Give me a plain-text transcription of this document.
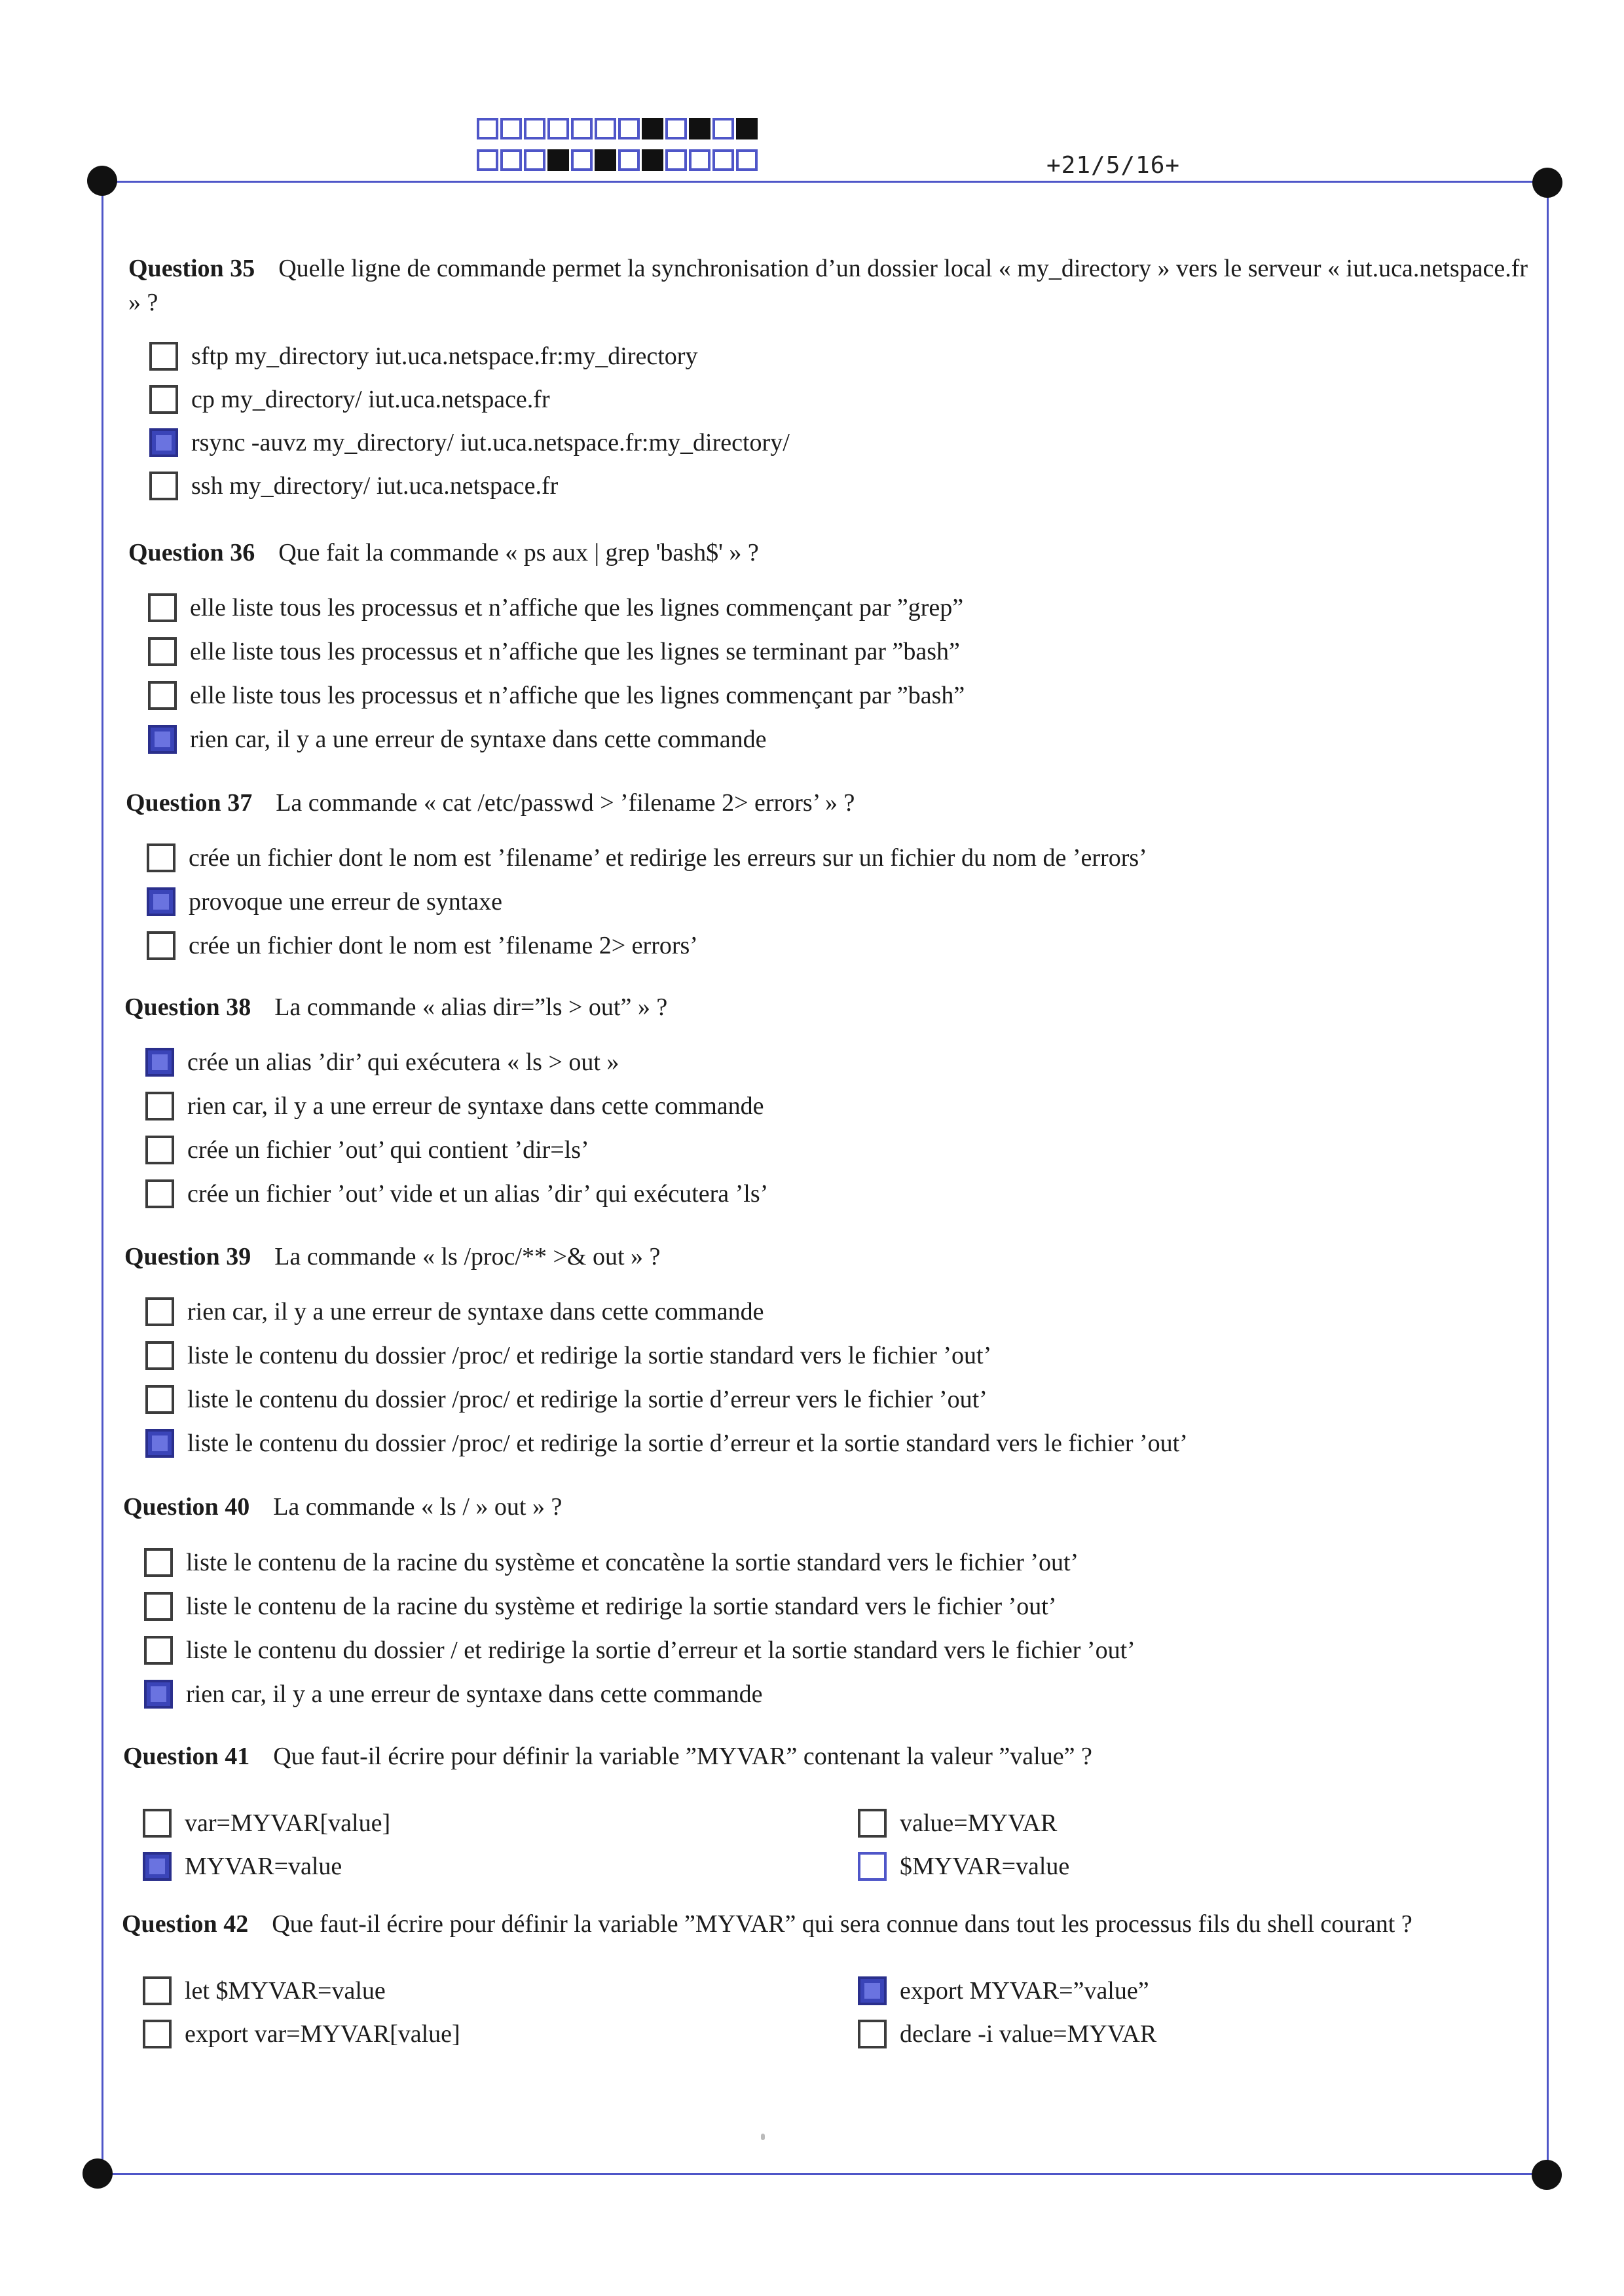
+21/5/16+
Question 35 Quelle ligne de commande permet la synchronisation d’un dossier local « my_directory » vers le serveur « iut.uca.netspace.fr » ?
sftp my_directory iut.uca.netspace.fr:my_directory
cp my_directory/ iut.uca.netspace.fr
rsync -auvz my_directory/ iut.uca.netspace.fr:my_directory/
ssh my_directory/ iut.uca.netspace.fr
Question 36 Que fait la commande « ps aux | grep 'bash$' » ?
elle liste tous les processus et n’affiche que les lignes commençant par ”grep”
elle liste tous les processus et n’affiche que les lignes se terminant par ”bash”
elle liste tous les processus et n’affiche que les lignes commençant par ”bash”
rien car, il y a une erreur de syntaxe dans cette commande
Question 37 La commande « cat /etc/passwd > ’filename 2> errors’ » ?
crée un fichier dont le nom est ’filename’ et redirige les erreurs sur un fichier du nom de ’errors’
provoque une erreur de syntaxe
crée un fichier dont le nom est ’filename 2> errors’
Question 38 La commande « alias dir=”ls > out” » ?
crée un alias ’dir’ qui exécutera « ls > out »
rien car, il y a une erreur de syntaxe dans cette commande
crée un fichier ’out’ qui contient ’dir=ls’
crée un fichier ’out’ vide et un alias ’dir’ qui exécutera ’ls’
Question 39 La commande « ls /proc/** >& out » ?
rien car, il y a une erreur de syntaxe dans cette commande
liste le contenu du dossier /proc/ et redirige la sortie standard vers le fichier ’out’
liste le contenu du dossier /proc/ et redirige la sortie d’erreur vers le fichier ’out’
liste le contenu du dossier /proc/ et redirige la sortie d’erreur et la sortie standard vers le fichier ’out’
Question 40 La commande « ls / » out » ?
liste le contenu de la racine du système et concatène la sortie standard vers le fichier ’out’
liste le contenu de la racine du système et redirige la sortie standard vers le fichier ’out’
liste le contenu du dossier / et redirige la sortie d’erreur et la sortie standard vers le fichier ’out’
rien car, il y a une erreur de syntaxe dans cette commande
Question 41 Que faut-il écrire pour définir la variable ”MYVAR” contenant la valeur ”value” ?
var=MYVAR[value]
MYVAR=value
value=MYVAR
$MYVAR=value
Question 42 Que faut-il écrire pour définir la variable ”MYVAR” qui sera connue dans tout les processus fils du shell courant ?
let $MYVAR=value
export var=MYVAR[value]
export MYVAR=”value”
declare -i value=MYVAR
